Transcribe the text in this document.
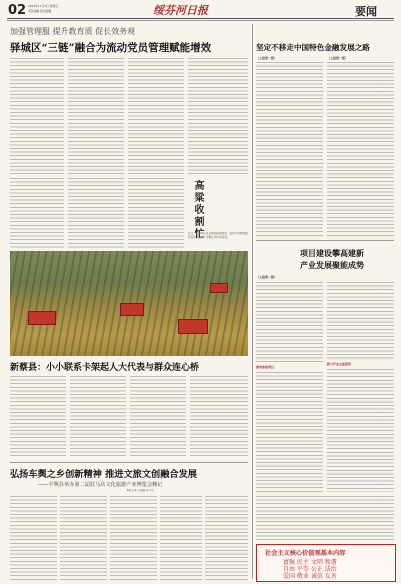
02 2023年11月3日 星期五
责任编辑 版式编辑	绥芬河日报	要闻
加强管理服 提升教育质 促长效务观
驿城区“三链”融合为流动党员管理赋能增效
高粱收割忙
近日，在驿城区某乡镇的高粱地里，农机手驾驶收割机来回穿梭，一派繁忙的丰收景象。
新蔡县：小小联系卡架起人大代表与群众连心桥
弘扬车舆之乡创新精神 推进文旅文创融合发展
——平舆县举办第二届驻马店文化旅游产业博览会侧记
本报记者 王晓磊 实习生
坚定不移走中国特色金融发展之路
（上接第一版）	（上接第一版）
项目建设攀高建新
产业发展聚能成势
（上接第一版）
黄河体验项目
新兴产业全面起势
社会主义核心价值观基本内容
富强 民主 文明 和谐
自由 平等 公正 法治
爱国 敬业 诚信 友善
